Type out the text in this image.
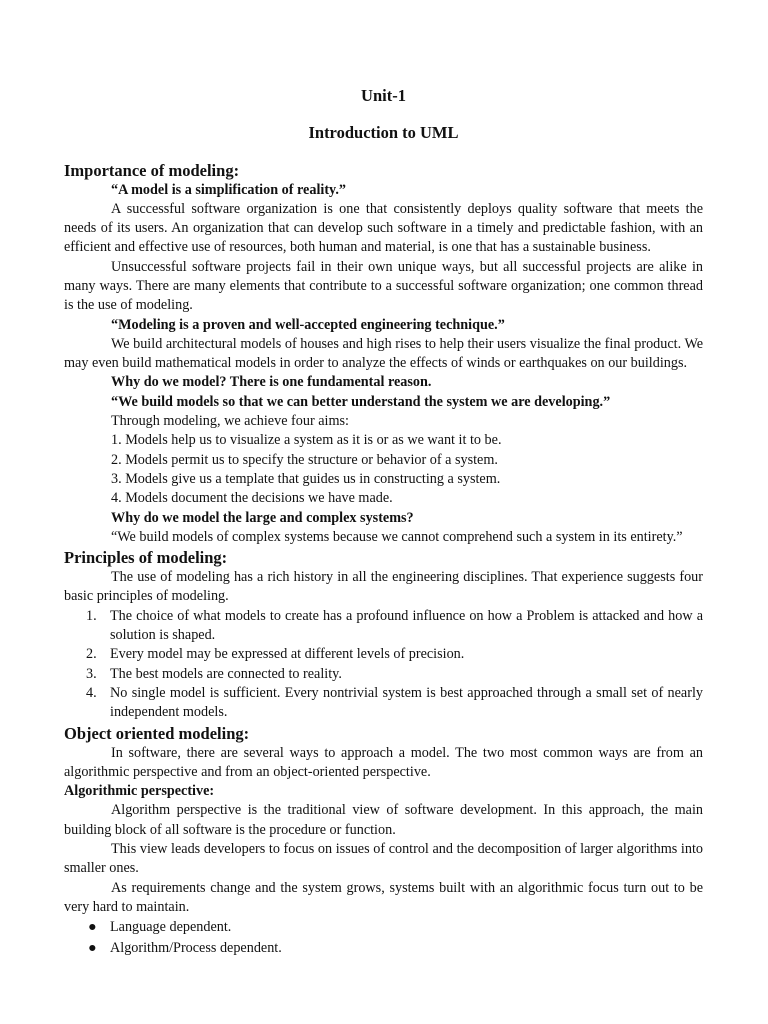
Unit-1

Introduction to UML

Importance of modeling:

“A model is a simplification of reality.”

A successful software organization is one that consistently deploys quality software that meets the needs of its users. An organization that can develop such software in a timely and predictable fashion, with an efficient and effective use of resources, both human and material, is one that has a sustainable business.

Unsuccessful software projects fail in their own unique ways, but all successful projects are alike in many ways. There are many elements that contribute to a successful software organization; one common thread is the use of modeling.

“Modeling is a proven and well-accepted engineering technique.”

We build architectural models of houses and high rises to help their users visualize the final product. We may even build mathematical models in order to analyze the effects of winds or earthquakes on our buildings.

Why do we model? There is one fundamental reason.

“We build models so that we can better understand the system we are developing.”

Through modeling, we achieve four aims:

1. Models help us to visualize a system as it is or as we want it to be.

2. Models permit us to specify the structure or behavior of a system.

3. Models give us a template that guides us in constructing a system.

4. Models document the decisions we have made.

Why do we model the large and complex systems?

“We build models of complex systems because we cannot comprehend such a system in its entirety.”

Principles of modeling:

The use of modeling has a rich history in all the engineering disciplines. That experience suggests four basic principles of modeling.

1. The choice of what models to create has a profound influence on how a Problem is attacked and how a solution is shaped.
2. Every model may be expressed at different levels of precision.
3. The best models are connected to reality.
4. No single model is sufficient. Every nontrivial system is best approached through a small set of nearly independent models.

Object oriented modeling:

In software, there are several ways to approach a model. The two most common ways are from an algorithmic perspective and from an object-oriented perspective.

Algorithmic perspective:

Algorithm perspective is the traditional view of software development. In this approach, the main building block of all software is the procedure or function.

This view leads developers to focus on issues of control and the decomposition of larger algorithms into smaller ones.

As requirements change and the system grows, systems built with an algorithmic focus turn out to be very hard to maintain.

● Language dependent.
● Algorithm/Process dependent.
